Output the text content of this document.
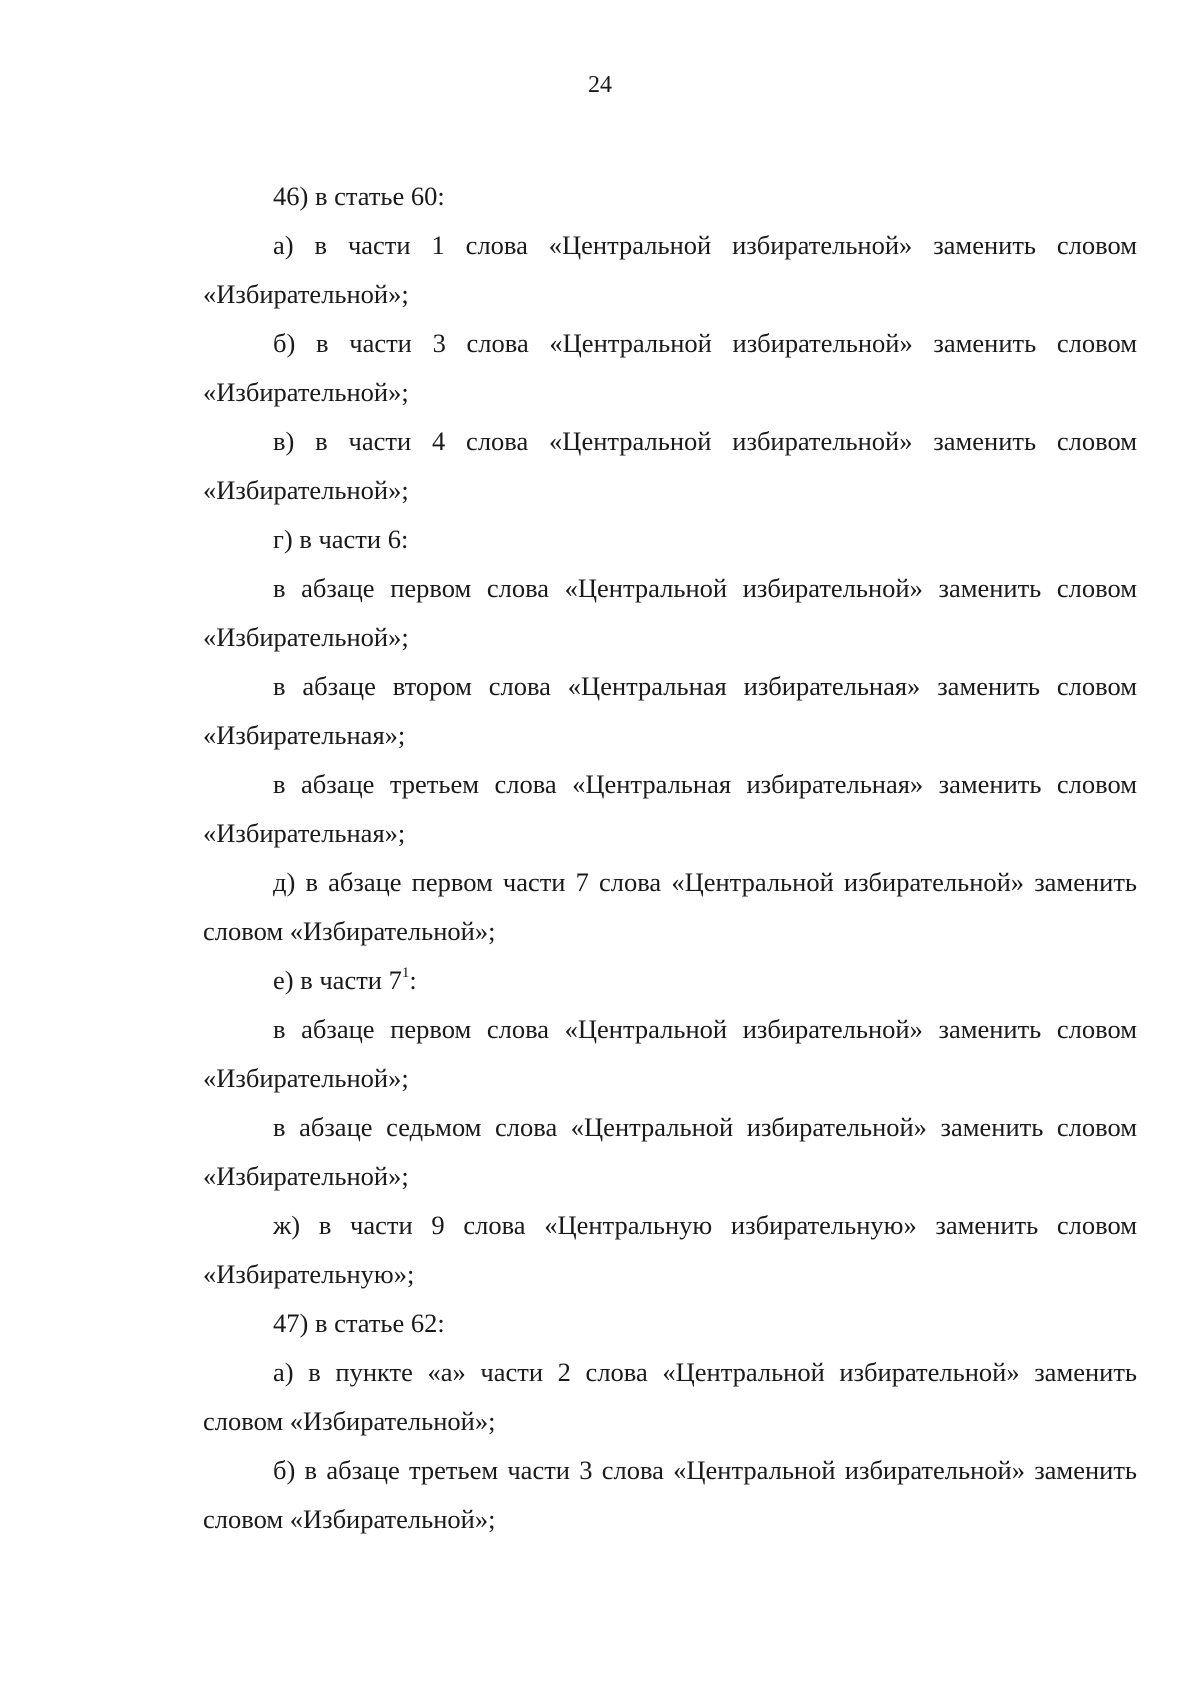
24

46) в статье 60:

а) в части 1 слова «Центральной избирательной» заменить словом «Избирательной»;

б) в части 3 слова «Центральной избирательной» заменить словом «Избирательной»;

в) в части 4 слова «Центральной избирательной» заменить словом «Избирательной»;

г) в части 6:

в абзаце первом слова «Центральной избирательной» заменить словом «Избирательной»;

в абзаце втором слова «Центральная избирательная» заменить словом «Избирательная»;

в абзаце третьем слова «Центральная избирательная» заменить словом «Избирательная»;

д) в абзаце первом части 7 слова «Центральной избирательной» заменить словом «Избирательной»;

е) в части $7^1$:

в абзаце первом слова «Центральной избирательной» заменить словом «Избирательной»;

в абзаце седьмом слова «Центральной избирательной» заменить словом «Избирательной»;

ж) в части 9 слова «Центральную избирательную» заменить словом «Избирательную»;

47) в статье 62:

а) в пункте «а» части 2 слова «Центральной избирательной» заменить словом «Избирательной»;

б) в абзаце третьем части 3 слова «Центральной избирательной» заменить словом «Избирательной»;
